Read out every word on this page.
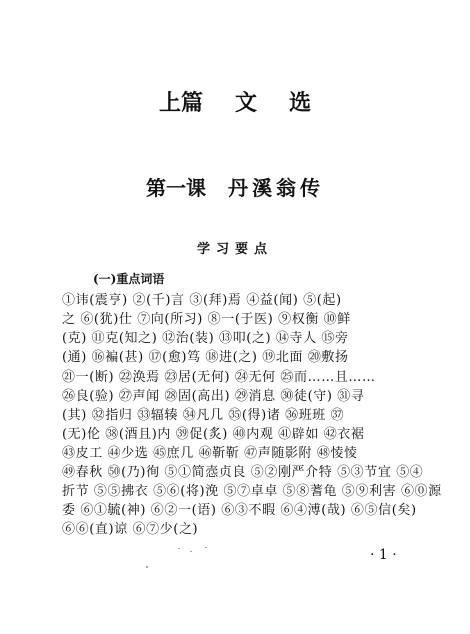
上篇 文 选
第一课 丹溪翁传
学习要点
(一)重点词语
①讳(震亨) ②(千)言 ③(拜)焉 ④益(闻) ⑤(起)
之 ⑥(犹)仕 ⑦向(所习) ⑧一(于医) ⑨权衡 ⑩鲜
(克) ⑪克(知之) ⑫治(装) ⑬叩(之) ⑭寺人 ⑮旁
(通) ⑯褊(甚) ⑰(愈)笃 ⑱进(之) ⑲北面 ⑳敷扬
㉑一(断) ㉒涣焉 ㉓居(无何) ㉔无何 ㉕而……且……
㉖良(验) ㉗声闻 ㉘固(高出) ㉙消息 ㉚徒(守) ㉛寻
(其) ㉜指归 ㉝辐辏 ㉞凡几 ㉟(得)诸 ㊱班班 ㊲
(无)伦 ㊳(酒且)内 ㊴促(炙) ㊵内观 ㊶辟如 ㊷衣裾
㊸皮工 ㊹少选 ㊺庶几 ㊻靳靳 ㊼声随影附 ㊽㥄㥄
㊾春秋 ㊿(乃)徇 ⑤①简悫贞良 ⑤②刚严介特 ⑤③节宜 ⑤④
折节 ⑤⑤拂衣 ⑤⑥(将)浼 ⑤⑦卓卓 ⑤⑧蓍龟 ⑤⑨利害 ⑥⓪源
委 ⑥①毓(神) ⑥②一(语) ⑥③不暇 ⑥④溥(哉) ⑥⑤信(矣)
⑥⑥(直)谅 ⑥⑦少(之)
· 1 ·
